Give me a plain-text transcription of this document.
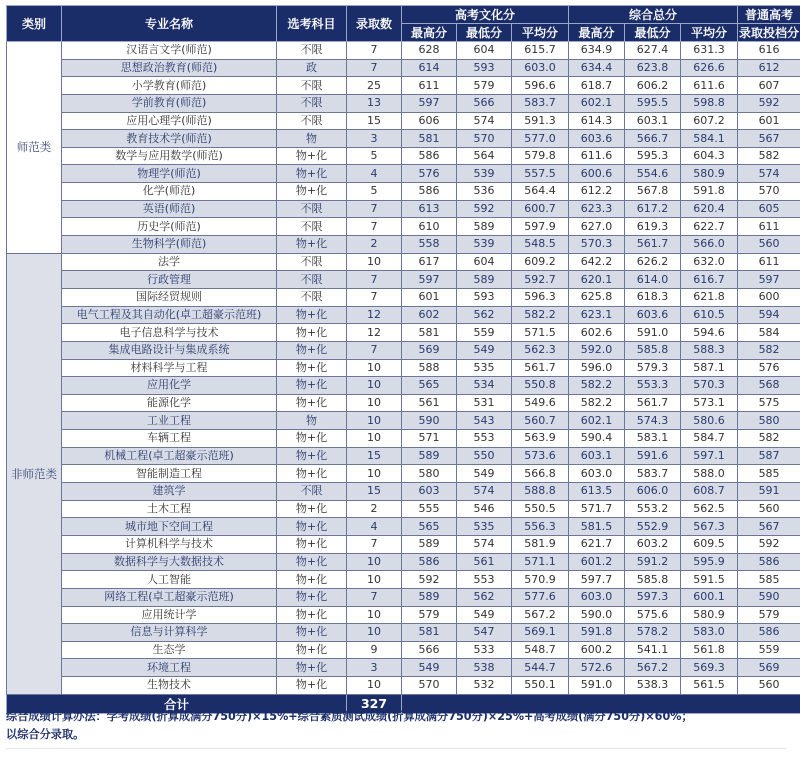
类别	专业名称	选考科目	录取数	高考文化分			综合总分			普通高考
				最高分	最低分	平均分	最高分	最低分	平均分	录取投档分
师范类	汉语言文学(师范)	不限	7	628	604	615.7	634.9	627.4	631.3	616
	思想政治教育(师范)	政	7	614	593	603.0	634.4	623.8	626.6	612
	小学教育(师范)	不限	25	611	579	596.6	618.7	606.2	611.6	607
	学前教育(师范)	不限	13	597	566	583.7	602.1	595.5	598.8	592
	应用心理学(师范)	不限	15	606	574	591.3	614.3	603.1	607.2	601
	教育技术学(师范)	物	3	581	570	577.0	603.6	566.7	584.1	567
	数学与应用数学(师范)	物+化	5	586	564	579.8	611.6	595.3	604.3	582
	物理学(师范)	物+化	4	576	539	557.5	600.6	554.6	580.9	574
	化学(师范)	物+化	5	586	536	564.4	612.2	567.8	591.8	570
	英语(师范)	不限	7	613	592	600.7	623.3	617.2	620.4	605
	历史学(师范)	不限	7	610	589	597.9	627.0	619.3	622.7	611
	生物科学(师范)	物+化	2	558	539	548.5	570.3	561.7	566.0	560
非师范类	法学	不限	10	617	604	609.2	642.2	626.2	632.0	611
	行政管理	不限	7	597	589	592.7	620.1	614.0	616.7	597
	国际经贸规则	不限	7	601	593	596.3	625.8	618.3	621.8	600
	电气工程及其自动化(卓工超豪示范班)	物+化	12	602	562	582.2	623.1	603.6	610.5	594
	电子信息科学与技术	物+化	12	581	559	571.5	602.6	591.0	594.6	584
	集成电路设计与集成系统	物+化	7	569	549	562.3	592.0	585.8	588.3	582
	材料科学与工程	物+化	10	588	535	561.7	596.0	579.3	587.1	576
	应用化学	物+化	10	565	534	550.8	582.2	553.3	570.3	568
	能源化学	物+化	10	561	531	549.6	582.2	561.7	573.1	575
	工业工程	物	10	590	543	560.7	602.1	574.3	580.6	580
	车辆工程	物+化	10	571	553	563.9	590.4	583.1	584.7	582
	机械工程(卓工超豪示范班)	物+化	15	589	550	573.6	603.1	591.6	597.1	587
	智能制造工程	物+化	10	580	549	566.8	603.0	583.7	588.0	585
	建筑学	不限	15	603	574	588.8	613.5	606.0	608.7	591
	土木工程	物+化	2	555	546	550.5	571.7	553.2	562.5	560
	城市地下空间工程	物+化	4	565	535	556.3	581.5	552.9	567.3	567
	计算机科学与技术	物+化	7	589	574	581.9	621.7	603.2	609.5	592
	数据科学与大数据技术	物+化	10	586	561	571.1	601.2	591.2	595.9	586
	人工智能	物+化	10	592	553	570.9	597.7	585.8	591.5	585
	网络工程(卓工超豪示范班)	物+化	7	589	562	577.6	603.0	597.3	600.1	590
	应用统计学	物+化	10	579	549	567.2	590.0	575.6	580.9	579
	信息与计算科学	物+化	10	581	547	569.1	591.8	578.2	583.0	586
	生态学	物+化	9	566	533	548.7	600.2	541.1	561.8	559
	环境工程	物+化	3	549	538	544.7	572.6	567.2	569.3	569
	生物技术	物+化	10	570	532	550.1	591.0	538.3	561.5	560
合计			327							
综合成绩计算办法：学考成绩(折算成满分750分)×15%+综合素质测试成绩(折算成满分750分)×25%+高考成绩(满分750分)×60%；
以综合分录取。
